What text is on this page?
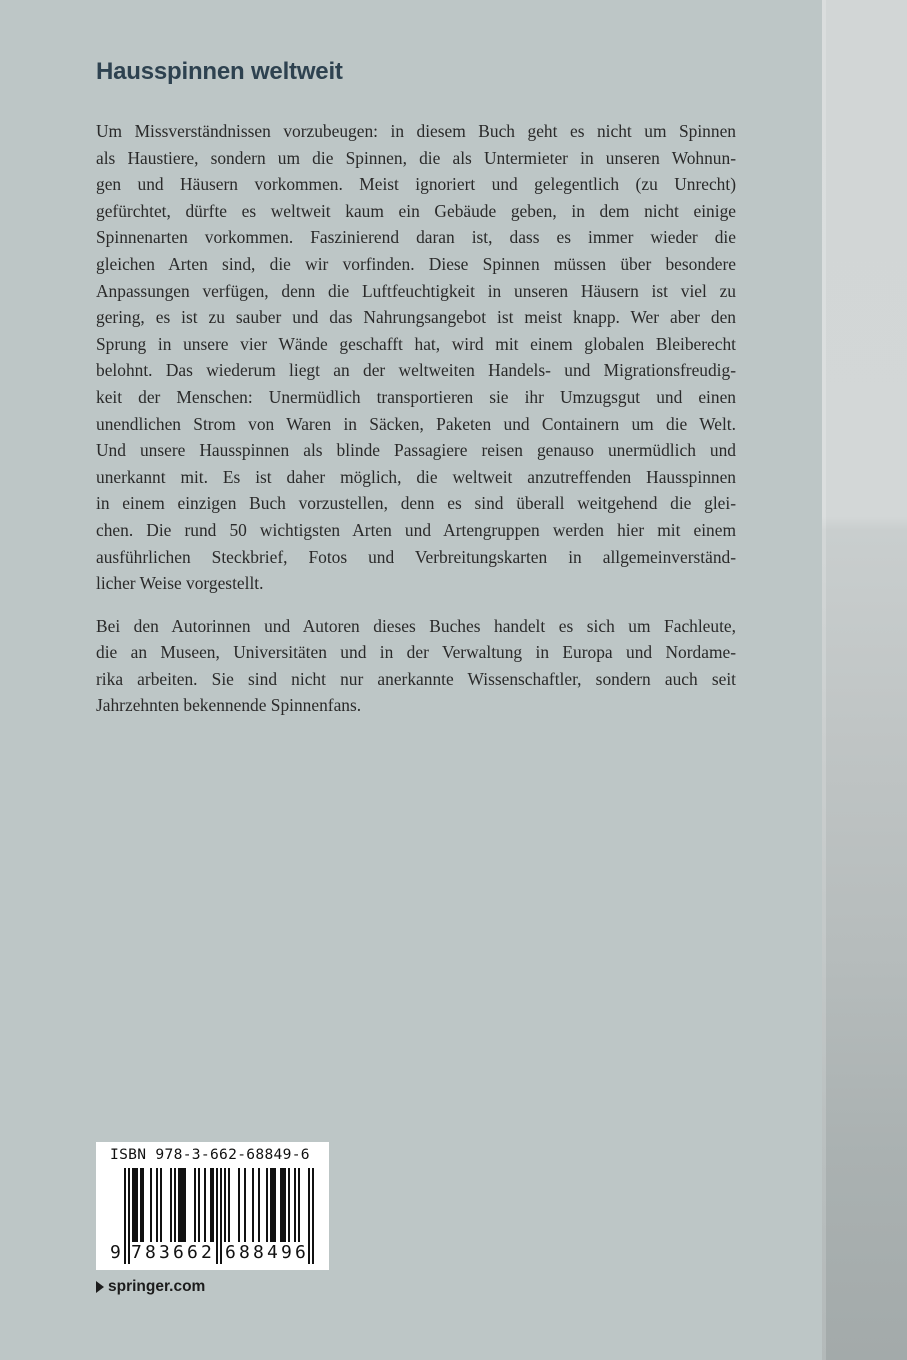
Hausspinnen weltweit
Um Missverständnissen vorzubeugen: in diesem Buch geht es nicht um Spinnen
als Haustiere, sondern um die Spinnen, die als Untermieter in unseren Wohnun-
gen und Häusern vorkommen. Meist ignoriert und gelegentlich (zu Unrecht)
gefürchtet, dürfte es weltweit kaum ein Gebäude geben, in dem nicht einige
Spinnenarten vorkommen. Faszinierend daran ist, dass es immer wieder die
gleichen Arten sind, die wir vorfinden. Diese Spinnen müssen über besondere
Anpassungen verfügen, denn die Luftfeuchtigkeit in unseren Häusern ist viel zu
gering, es ist zu sauber und das Nahrungsangebot ist meist knapp. Wer aber den
Sprung in unsere vier Wände geschafft hat, wird mit einem globalen Bleiberecht
belohnt. Das wiederum liegt an der weltweiten Handels- und Migrationsfreudig-
keit der Menschen: Unermüdlich transportieren sie ihr Umzugsgut und einen
unendlichen Strom von Waren in Säcken, Paketen und Containern um die Welt.
Und unsere Hausspinnen als blinde Passagiere reisen genauso unermüdlich und
unerkannt mit. Es ist daher möglich, die weltweit anzutreffenden Hausspinnen
in einem einzigen Buch vorzustellen, denn es sind überall weitgehend die glei-
chen. Die rund 50 wichtigsten Arten und Artengruppen werden hier mit einem
ausführlichen Steckbrief, Fotos und Verbreitungskarten in allgemeinverständ-
licher Weise vorgestellt.
Bei den Autorinnen und Autoren dieses Buches handelt es sich um Fachleute,
die an Museen, Universitäten und in der Verwaltung in Europa und Nordame-
rika arbeiten. Sie sind nicht nur anerkannte Wissenschaftler, sondern auch seit
Jahrzehnten bekennende Spinnenfans.
ISBN 978-3-662-68849-6
9 7 8 3 6 6 2 6 8 8 4 9 6
springer.com
